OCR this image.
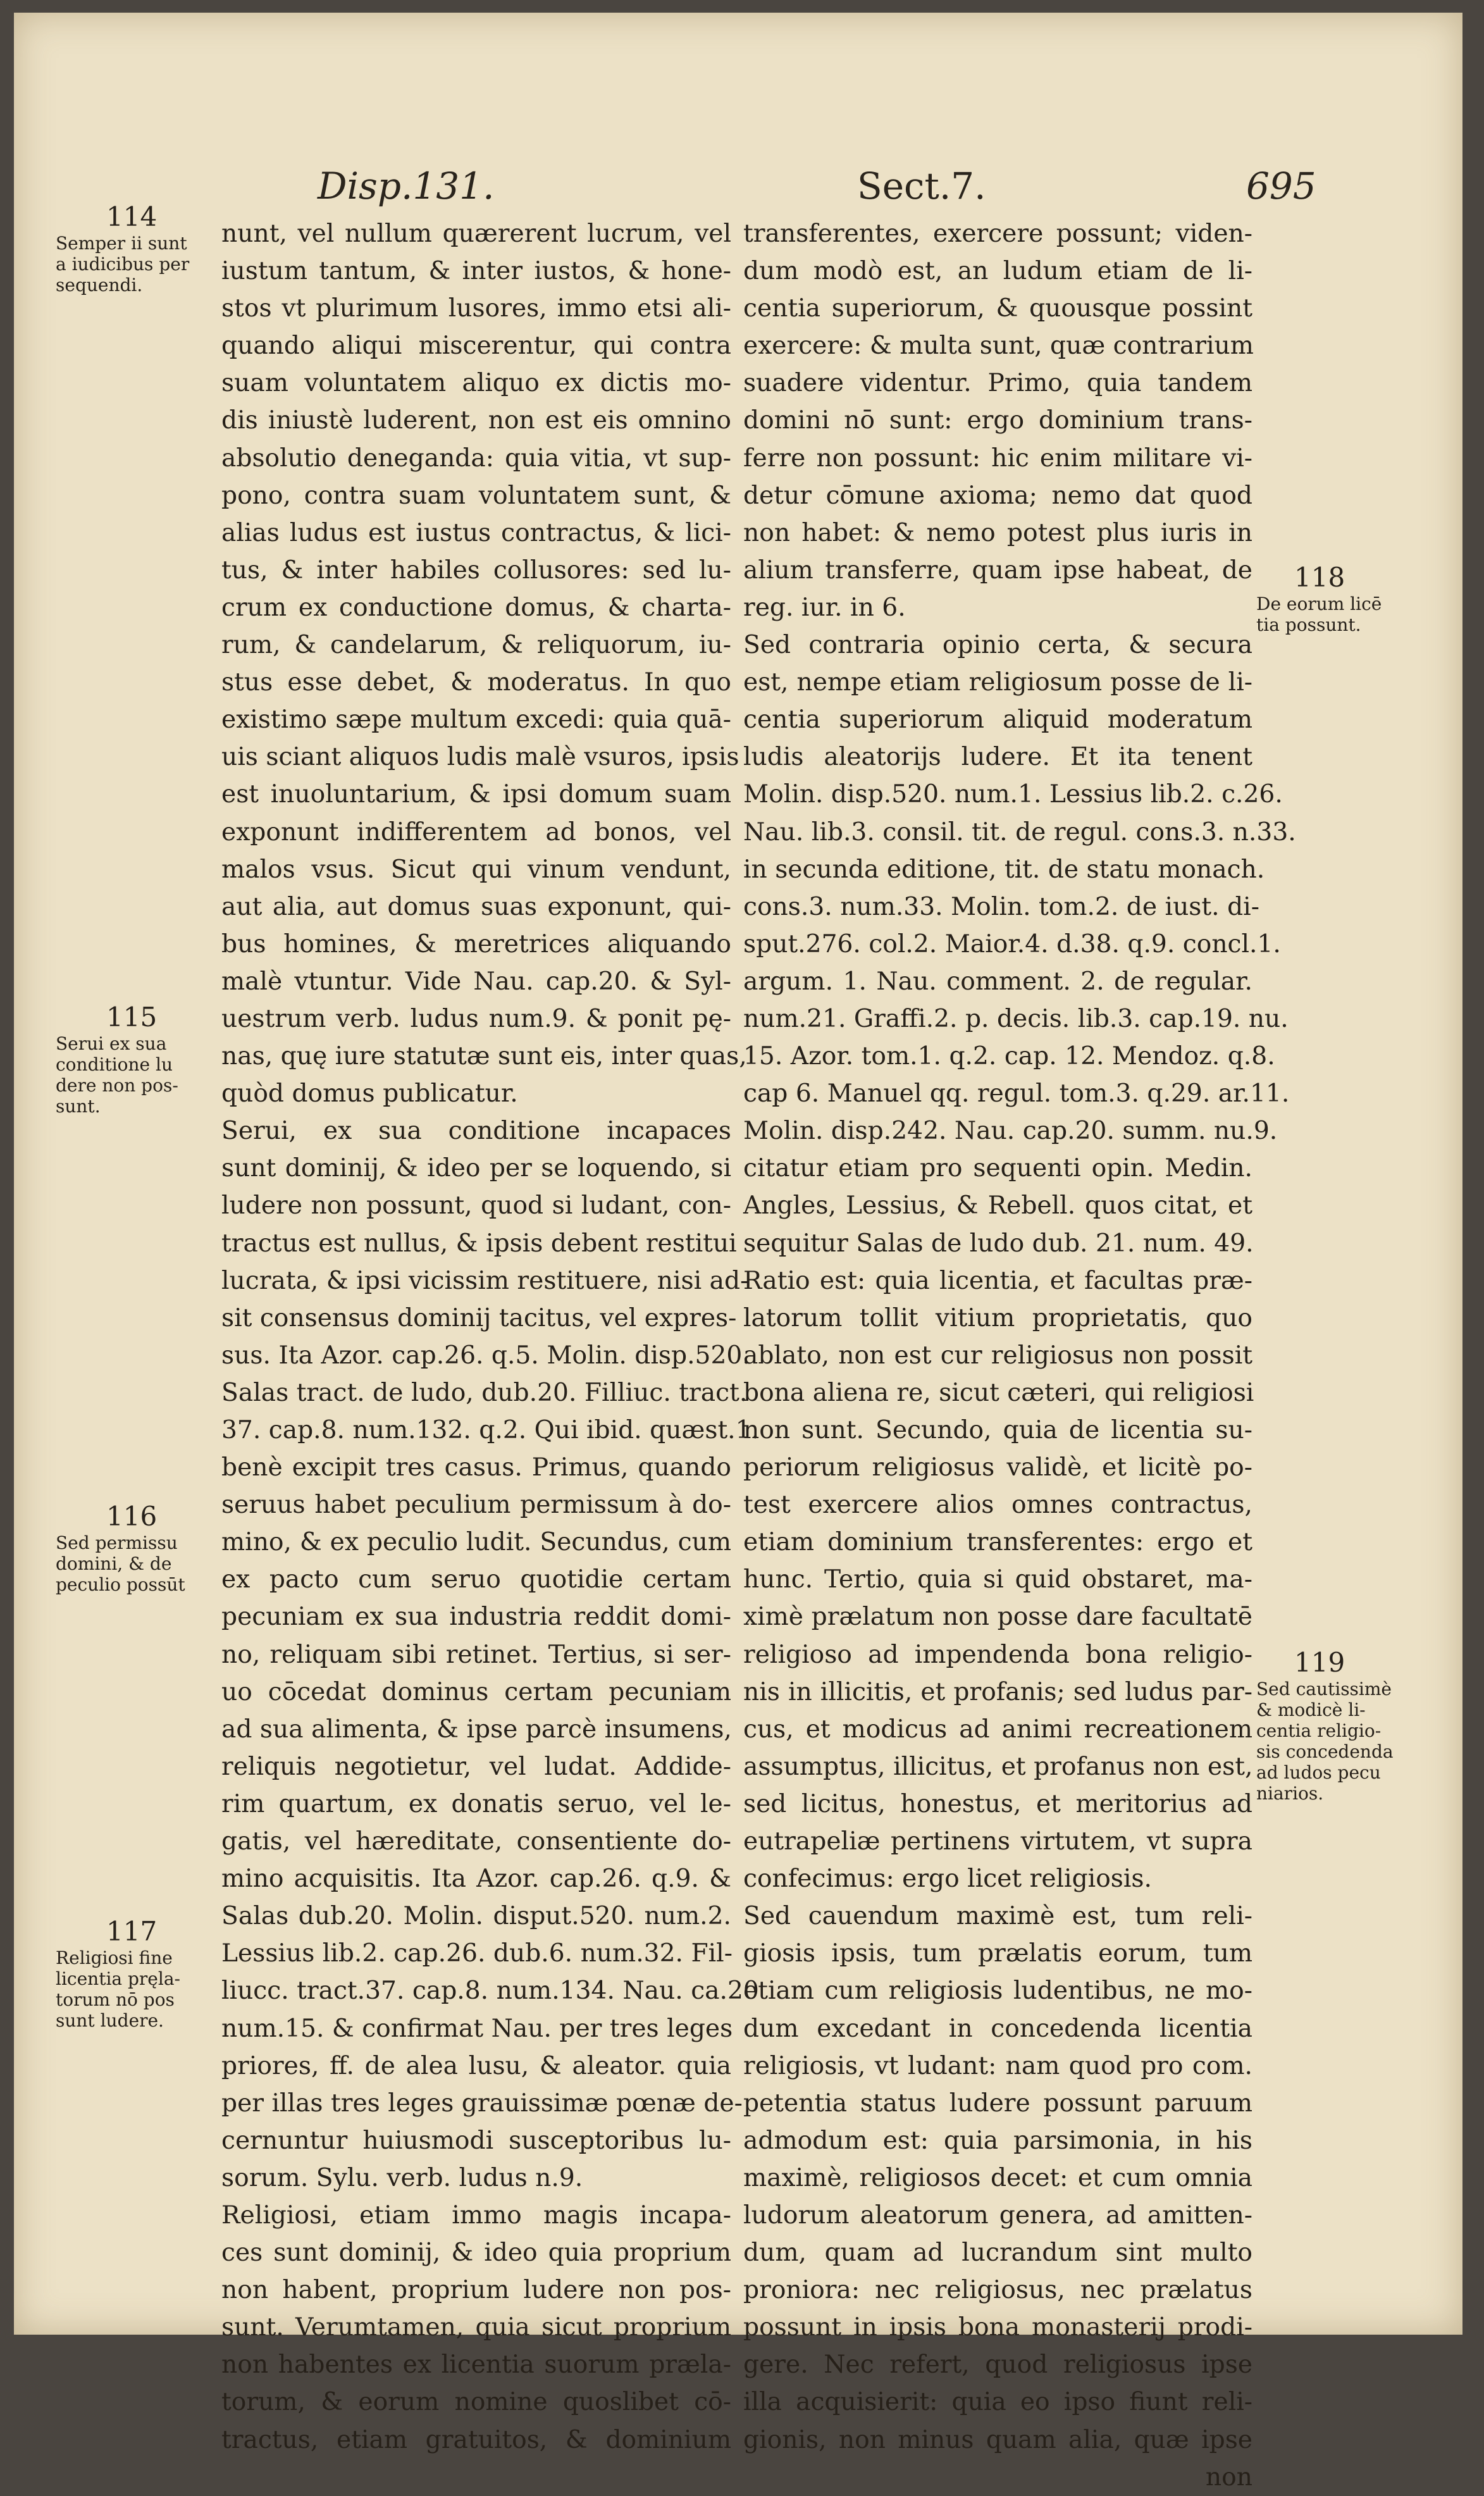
Disp.131.	Sect.7.	695
nunt, vel nullum quærerent lucrum, vel
iustum tantum, & inter iustos, & hone-
stos vt plurimum lusores, immo etsi ali-
quando aliqui miscerentur, qui contra
suam voluntatem aliquo ex dictis mo-
dis iniustè luderent, non est eis omnino
absolutio deneganda: quia vitia, vt sup-
pono, contra suam voluntatem sunt, &
alias ludus est iustus contractus, & lici-
tus, & inter habiles collusores: sed lu-
crum ex conductione domus, & charta-
rum, & candelarum, & reliquorum, iu-
stus esse debet, & moderatus. In quo
existimo sæpe multum excedi: quia quā-
uis sciant aliquos ludis malè vsuros, ipsis
est inuoluntarium, & ipsi domum suam
exponunt indifferentem ad bonos, vel
malos vsus. Sicut qui vinum vendunt,
aut alia, aut domus suas exponunt, qui-
bus homines, & meretrices aliquando
malè vtuntur. Vide Nau. cap.20. & Syl-
uestrum verb. ludus num.9. & ponit pę-
nas, quę iure statutæ sunt eis, inter quas,
quòd domus publicatur.
Serui, ex sua conditione incapaces
sunt dominij, & ideo per se loquendo, si
ludere non possunt, quod si ludant, con-
tractus est nullus, & ipsis debent restitui
lucrata, & ipsi vicissim restituere, nisi ad-
sit consensus dominij tacitus, vel expres-
sus. Ita Azor. cap.26. q.5. Molin. disp.520.
Salas tract. de ludo, dub.20. Filliuc. tract.
37. cap.8. num.132. q.2. Qui ibid. quæst.1.
benè excipit tres casus. Primus, quando
seruus habet peculium permissum à do-
mino, & ex peculio ludit. Secundus, cum
ex pacto cum seruo quotidie certam
pecuniam ex sua industria reddit domi-
no, reliquam sibi retinet. Tertius, si ser-
uo cōcedat dominus certam pecuniam
ad sua alimenta, & ipse parcè insumens,
reliquis negotietur, vel ludat. Addide-
rim quartum, ex donatis seruo, vel le-
gatis, vel hæreditate, consentiente do-
mino acquisitis. Ita Azor. cap.26. q.9. &
Salas dub.20. Molin. disput.520. num.2.
Lessius lib.2. cap.26. dub.6. num.32. Fil-
liucc. tract.37. cap.8. num.134. Nau. ca.20
num.15. & confirmat Nau. per tres leges
priores, ff. de alea lusu, & aleator. quia
per illas tres leges grauissimæ pœnæ de-
cernuntur huiusmodi susceptoribus lu-
sorum. Sylu. verb. ludus n.9.
Religiosi, etiam immo magis incapa-
ces sunt dominij, & ideo quia proprium
non habent, proprium ludere non pos-
sunt. Verumtamen, quia sicut proprium
non habentes ex licentia suorum præla-
torum, & eorum nomine quoslibet cō-
tractus, etiam gratuitos, & dominium
transferentes, exercere possunt; viden-
dum modò est, an ludum etiam de li-
centia superiorum, & quousque possint
exercere: & multa sunt, quæ contrarium
suadere videntur. Primo, quia tandem
domini nō sunt: ergo dominium trans-
ferre non possunt: hic enim militare vi-
detur cōmune axioma; nemo dat quod
non habet: & nemo potest plus iuris in
alium transferre, quam ipse habeat, de
reg. iur. in 6.
Sed contraria opinio certa, & secura
est, nempe etiam religiosum posse de li-
centia superiorum aliquid moderatum
ludis aleatorijs ludere. Et ita tenent
Molin. disp.520. num.1. Lessius lib.2. c.26.
Nau. lib.3. consil. tit. de regul. cons.3. n.33.
in secunda editione, tit. de statu monach.
cons.3. num.33. Molin. tom.2. de iust. di-
sput.276. col.2. Maior.4. d.38. q.9. concl.1.
argum. 1. Nau. comment. 2. de regular.
num.21. Graffi.2. p. decis. lib.3. cap.19. nu.
15. Azor. tom.1. q.2. cap. 12. Mendoz. q.8.
cap 6. Manuel qq. regul. tom.3. q.29. ar.11.
Molin. disp.242. Nau. cap.20. summ. nu.9.
citatur etiam pro sequenti opin. Medin.
Angles, Lessius, & Rebell. quos citat, et
sequitur Salas de ludo dub. 21. num. 49.
Ratio est: quia licentia, et facultas præ-
latorum tollit vitium proprietatis, quo
ablato, non est cur religiosus non possit
bona aliena re, sicut cæteri, qui religiosi
non sunt. Secundo, quia de licentia su-
periorum religiosus validè, et licitè po-
test exercere alios omnes contractus,
etiam dominium transferentes: ergo et
hunc. Tertio, quia si quid obstaret, ma-
ximè prælatum non posse dare facultatē
religioso ad impendenda bona religio-
nis in illicitis, et profanis; sed ludus par-
cus, et modicus ad animi recreationem
assumptus, illicitus, et profanus non est,
sed licitus, honestus, et meritorius ad
eutrapeliæ pertinens virtutem, vt supra
confecimus: ergo licet religiosis.
Sed cauendum maximè est, tum reli-
giosis ipsis, tum prælatis eorum, tum
etiam cum religiosis ludentibus, ne mo-
dum excedant in concedenda licentia
religiosis, vt ludant: nam quod pro com.
petentia status ludere possunt paruum
admodum est: quia parsimonia, in his
maximè, religiosos decet: et cum omnia
ludorum aleatorum genera, ad amitten-
dum, quam ad lucrandum sint multo
proniora: nec religiosus, nec prælatus
possunt in ipsis bona monasterij prodi-
gere. Nec refert, quod religiosus ipse
illa acquisierit: quia eo ipso fiunt reli-
gionis, non minus quam alia, quæ ipse
non
114
Semper ii sunt
a iudicibus per
sequendi.
115
Serui ex sua
conditione lu
dere non pos-
sunt.
116
Sed permissu
domini, & de
peculio possūt
117
Religiosi fine
licentia pręla-
torum nō pos
sunt ludere.
118
De eorum licē
tia possunt.
119
Sed cautissimè
& modicè li-
centia religio-
sis concedenda
ad ludos pecu
niarios.
